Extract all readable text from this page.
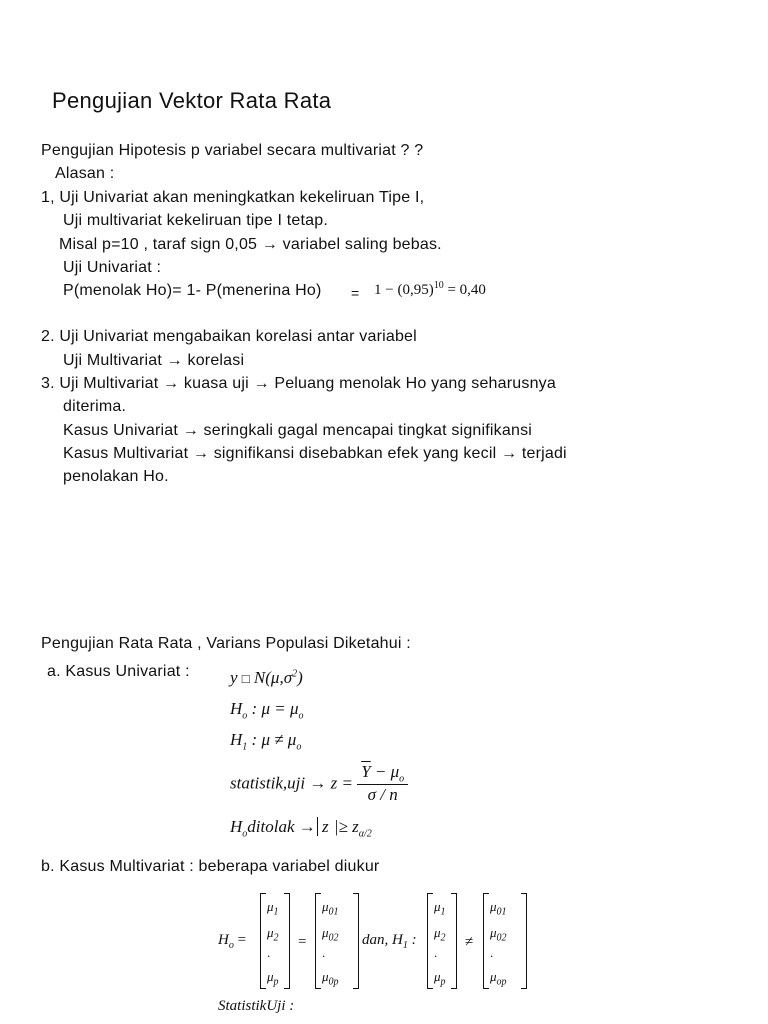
Pengujian Vektor Rata Rata
Pengujian Hipotesis p variabel secara multivariat ? ?
Alasan :
1, Uji Univariat akan meningkatkan kekeliruan Tipe I,
Uji multivariat kekeliruan tipe I tetap.
Misal p=10 , taraf sign 0,05 → variabel saling bebas.
Uji Univariat :
P(menolak Ho)= 1- P(menerina $Ho) = 1 - (0,95)^{10} = 0,40$
2. Uji Univariat mengabaikan korelasi antar variabel
Uji Multivariat → korelasi
3. Uji Multivariat → kuasa uji → Peluang menolak Ho yang seharusnya
diterima.
Kasus Univariat → seringkali gagal mencapai tingkat signifikansi
Kasus Multivariat → signifikansi disebabkan efek yang kecil → terjadi
penolakan Ho.
Pengujian Rata Rata , Varians Populasi Diketahui :
a. Kasus Univariat : y □ $N(\mu,\sigma^2)$
$H_o$ : $\mu = \mu_o$
$H_1$ : $\mu \ne \mu_o$
statistik,uji → $z = \frac{\overline{Y} - \mu_o}{\sigma / n}$
$H_oditolak \to z$ |≥ $z_{\alpha/2}$
b. Kasus Multivariat : beberapa variabel diukur
$H_o$ =
$\mu_1$
$\mu_2$
.
$\mu_p$
=
$\mu_{01}$
$\mu_{02}$
.
$\mu_{0p}$
dan, $H_1$ :
$\mu_1$
$\mu_2$
.
$\mu_p$
≠
$\mu_{01}$
$\mu_{02}$
.
$\mu_{op}$
StatistikUji :
